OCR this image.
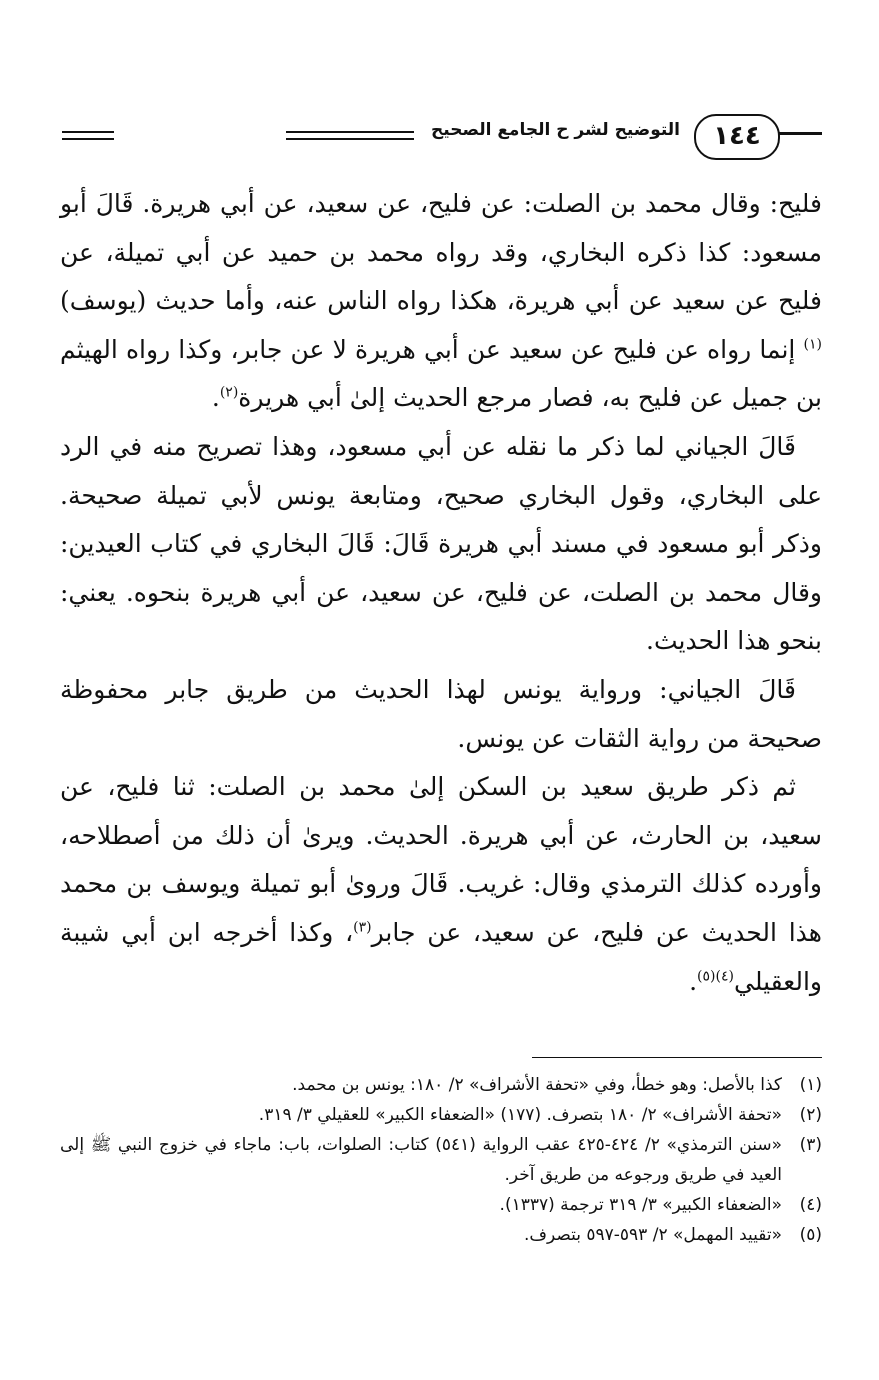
التوضيح لشر ح الجامع الصحيح	١٤٤

فليح: وقال محمد بن الصلت: عن فليح، عن سعيد، عن أبي هريرة. قَالَ أبو مسعود: كذا ذكره البخاري، وقد رواه محمد بن حميد عن أبي تميلة، عن فليح عن سعيد عن أبي هريرة، هكذا رواه الناس عنه، وأما حديث (يوسف)$^{(١)}$ إنما رواه عن فليح عن سعيد عن أبي هريرة لا عن جابر، وكذا رواه الهيثم بن جميل عن فليح به، فصار مرجع الحديث إلىٰ أبي هريرة$^{(٢)}$.

قَالَ الجياني لما ذكر ما نقله عن أبي مسعود، وهذا تصريح منه في الرد على البخاري، وقول البخاري صحيح، ومتابعة يونس لأبي تميلة صحيحة. وذكر أبو مسعود في مسند أبي هريرة قَالَ: قَالَ البخاري في كتاب العيدين: وقال محمد بن الصلت، عن فليح، عن سعيد، عن أبي هريرة بنحوه. يعني: بنحو هذا الحديث.

قَالَ الجياني: ورواية يونس لهذا الحديث من طريق جابر محفوظة صحيحة من رواية الثقات عن يونس.

ثم ذكر طريق سعيد بن السكن إلىٰ محمد بن الصلت: ثنا فليح، عن سعيد، بن الحارث، عن أبي هريرة. الحديث. ويرىٰ أن ذلك من أصطلاحه، وأورده كذلك الترمذي وقال: غريب. قَالَ ورو‌ىٰ أبو تميلة ويوسف بن محمد هذا الحديث عن فليح، عن سعيد، عن جابر$^{(٣)}$، وكذا أخرجه ابن أبي شيبة والعقيلي$^{(٤)(٥)}$.

(١)
كذا بالأصل: وهو خطأ، وفي «تحفة الأشراف» ٢/ ١٨٠: يونس بن محمد.
(٢)
«تحفة الأشراف» ٢/ ١٨٠ بتصرف. (١٧٧) «الضعفاء الكبير» للعقيلي ٣/ ٣١٩.
(٣)
«سنن الترمذي» ٢/ ٤٢٤-٤٢٥ عقب الرواية (٥٤١) كتاب: الصلوات، باب: ماجاء في خزوج النبي ﷺ إلى العيد في طريق ورجوعه من طريق آخر.
(٤)
«الضعفاء الكبير» ٣/ ٣١٩ ترجمة (١٣٣٧).
(٥)
«تقييد المهمل» ٢/ ٥٩٣-٥٩٧ بتصرف.
